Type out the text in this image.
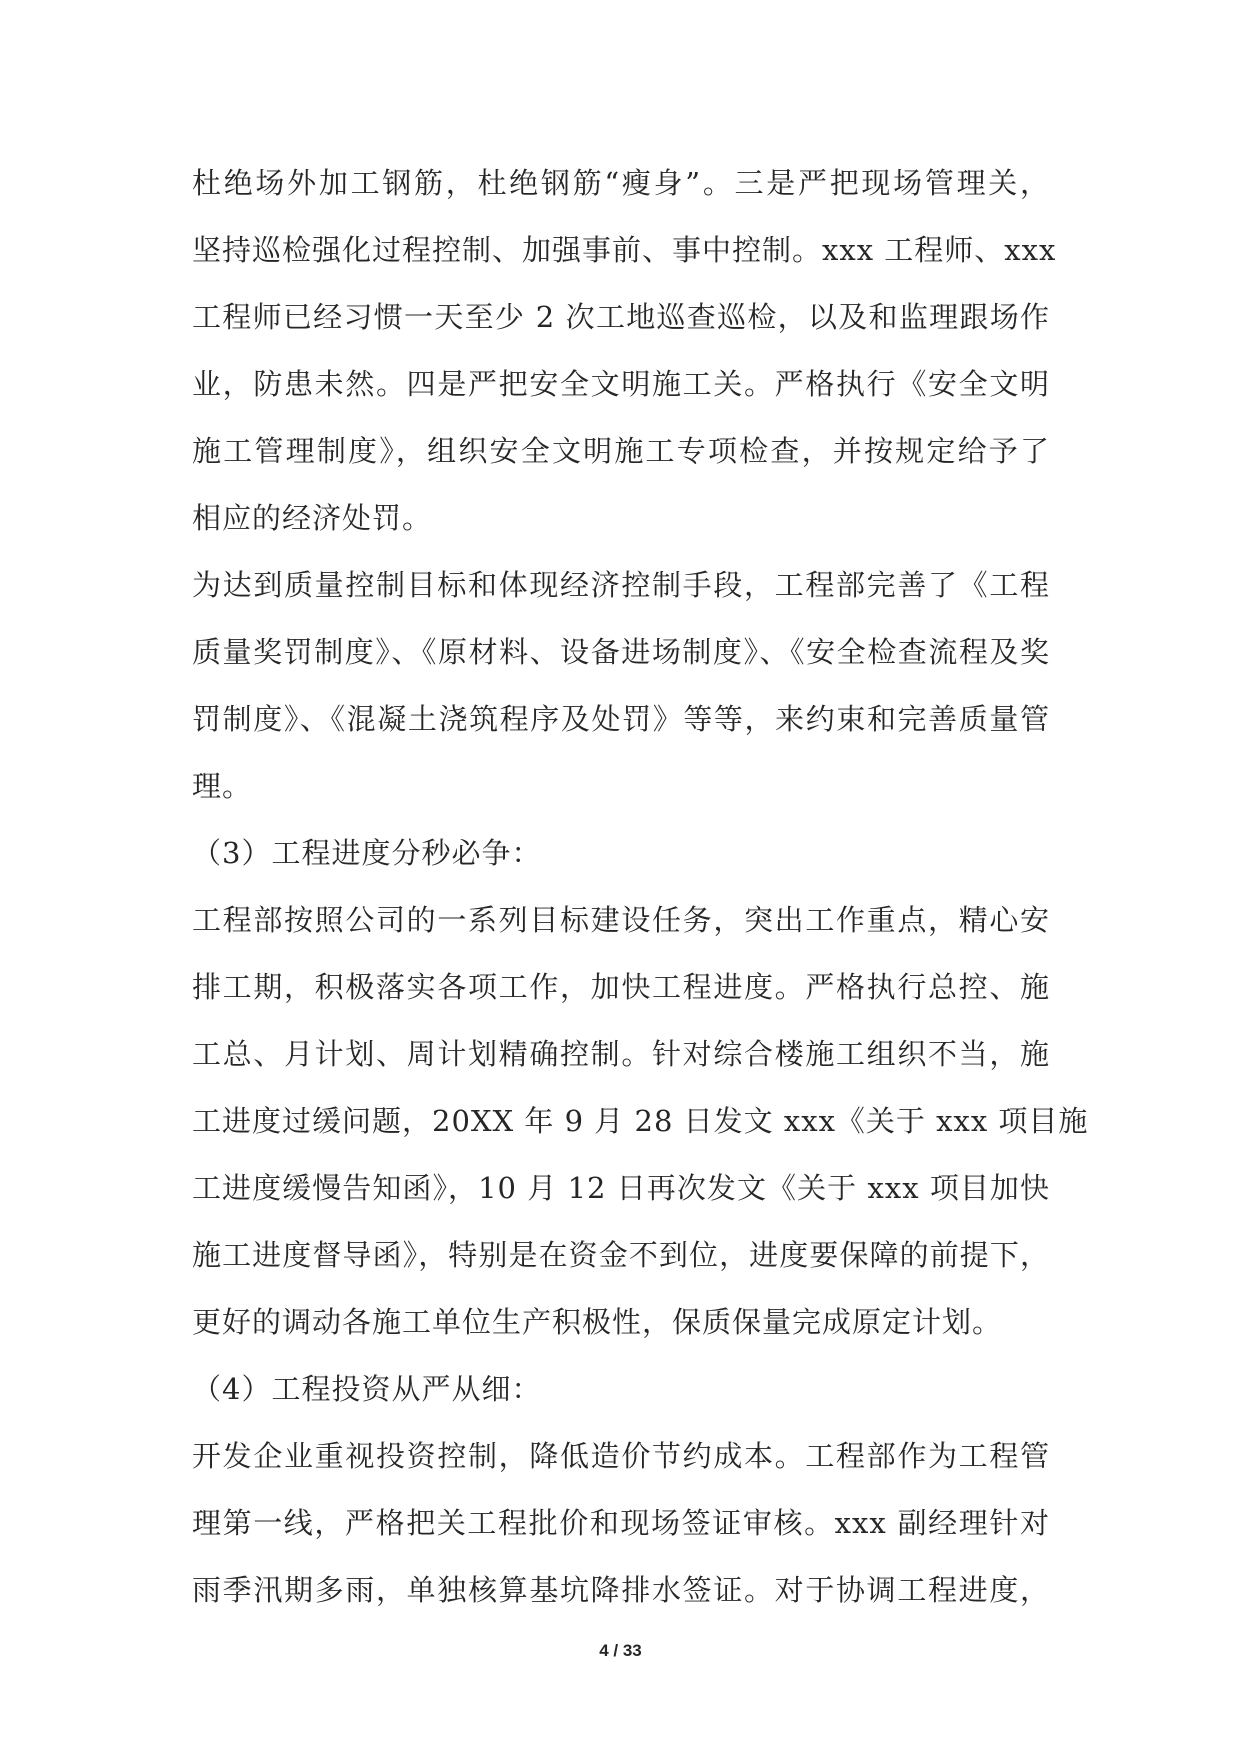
杜绝场外加工钢筋，杜绝钢筋“瘦身”。三是严把现场管理关，
坚持巡检强化过程控制、加强事前、事中控制。xxx 工程师、xxx
工程师已经习惯一天至少 2 次工地巡查巡检，以及和监理跟场作
业，防患未然。四是严把安全文明施工关。严格执行《安全文明
施工管理制度》，组织安全文明施工专项检查，并按规定给予了
相应的经济处罚。
为达到质量控制目标和体现经济控制手段，工程部完善了《工程
质量奖罚制度》、《原材料、设备进场制度》、《安全检查流程及奖
罚制度》、《混凝土浇筑程序及处罚》等等，来约束和完善质量管
理。
（3）工程进度分秒必争：
工程部按照公司的一系列目标建设任务，突出工作重点，精心安
排工期，积极落实各项工作，加快工程进度。严格执行总控、施
工总、月计划、周计划精确控制。针对综合楼施工组织不当，施
工进度过缓问题，20XX 年 9 月 28 日发文 xxx《关于 xxx 项目施
工进度缓慢告知函》，10 月 12 日再次发文《关于 xxx 项目加快
施工进度督导函》，特别是在资金不到位，进度要保障的前提下，
更好的调动各施工单位生产积极性，保质保量完成原定计划。
（4）工程投资从严从细：
开发企业重视投资控制，降低造价节约成本。工程部作为工程管
理第一线，严格把关工程批价和现场签证审核。xxx 副经理针对
雨季汛期多雨，单独核算基坑降排水签证。对于协调工程进度，
4 / 33
